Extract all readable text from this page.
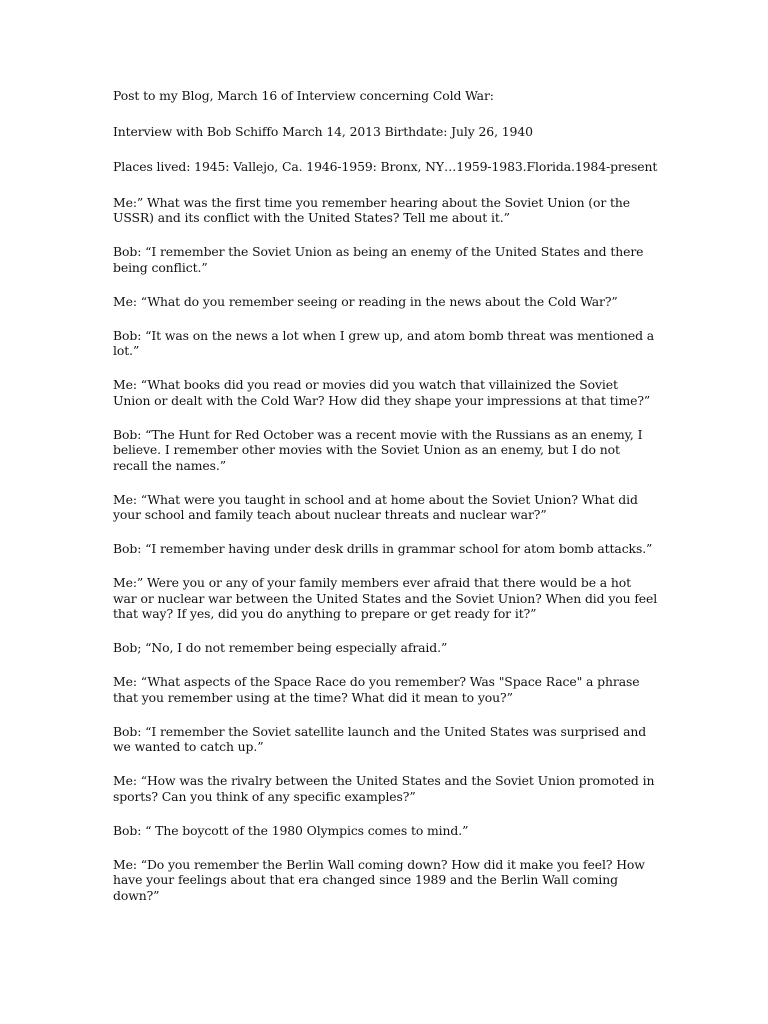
Post to my Blog, March 16 of Interview concerning Cold War:

Interview with Bob Schiffo March 14, 2013 Birthdate: July 26, 1940

Places lived: 1945: Vallejo, Ca. 1946-1959: Bronx, NY…1959-1983.Florida.1984-present

Me:” What was the first time you remember hearing about the Soviet Union (or the USSR) and its conflict with the United States? Tell me about it.”

Bob: “I remember the Soviet Union as being an enemy of the United States and there being conflict.”

Me: “What do you remember seeing or reading in the news about the Cold War?”

Bob: “It was on the news a lot when I grew up, and atom bomb threat was mentioned a lot.”

Me: “What books did you read or movies did you watch that villainized the Soviet Union or dealt with the Cold War? How did they shape your impressions at that time?”

Bob: “The Hunt for Red October was a recent movie with the Russians as an enemy, I believe. I remember other movies with the Soviet Union as an enemy, but I do not recall the names.”

Me: “What were you taught in school and at home about the Soviet Union? What did your school and family teach about nuclear threats and nuclear war?”

Bob: “I remember having under desk drills in grammar school for atom bomb attacks.”

Me:” Were you or any of your family members ever afraid that there would be a hot war or nuclear war between the United States and the Soviet Union? When did you feel that way? If yes, did you do anything to prepare or get ready for it?”

Bob; “No, I do not remember being especially afraid.”

Me: “What aspects of the Space Race do you remember? Was "Space Race" a phrase that you remember using at the time? What did it mean to you?”

Bob: “I remember the Soviet satellite launch and the United States was surprised and we wanted to catch up.”

Me: “How was the rivalry between the United States and the Soviet Union promoted in sports? Can you think of any specific examples?”

Bob: “ The boycott of the 1980 Olympics comes to mind.”

Me: “Do you remember the Berlin Wall coming down? How did it make you feel? How have your feelings about that era changed since 1989 and the Berlin Wall coming down?”
